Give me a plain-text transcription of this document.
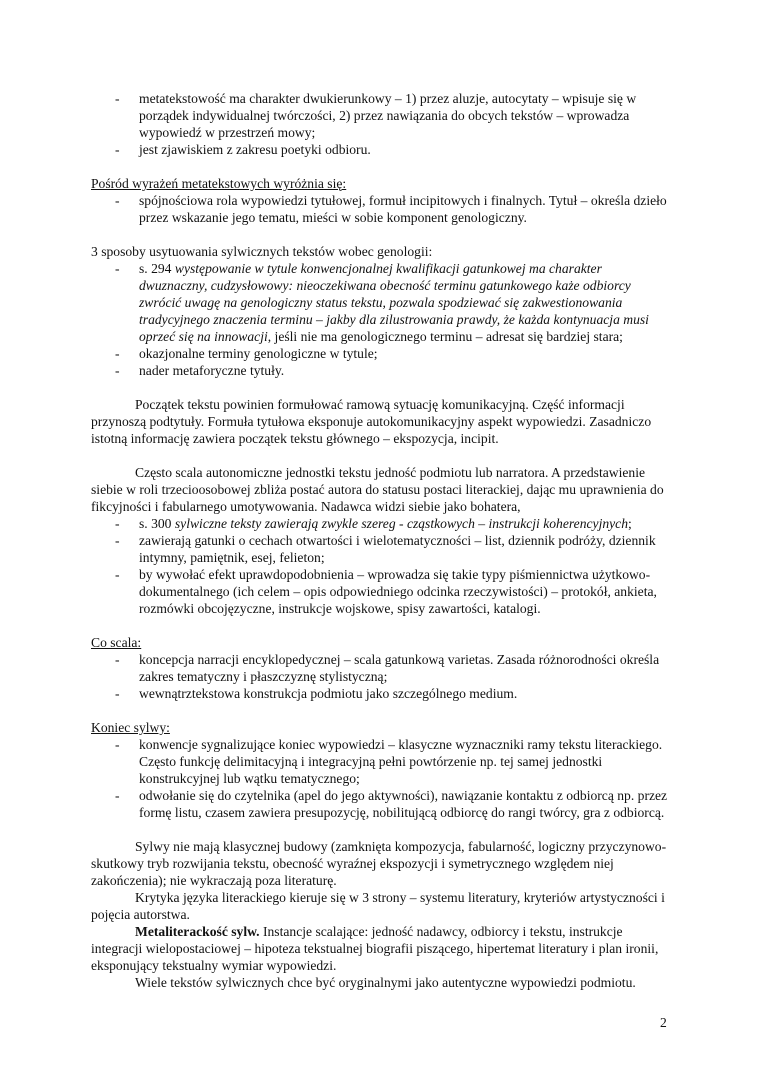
- metatekstowość ma charakter dwukierunkowy – 1) przez aluzje, autocytaty – wpisuje się w porządek indywidualnej twórczości, 2) przez nawiązania do obcych tekstów – wprowadza wypowiedź w przestrzeń mowy;
- jest zjawiskiem z zakresu poetyki odbioru.

Pośród wyrażeń metatekstowych wyróżnia się:

- spójnościowa rola wypowiedzi tytułowej, formuł incipitowych i finalnych. Tytuł – określa dzieło przez wskazanie jego tematu, mieści w sobie komponent genologiczny.

3 sposoby usytuowania sylwicznych tekstów wobec genologii:

- s. 294 występowanie w tytule konwencjonalnej kwalifikacji gatunkowej ma charakter dwuznaczny, cudzysłowowy: nieoczekiwana obecność terminu gatunkowego każe odbiorcy zwrócić uwagę na genologiczny status tekstu, pozwala spodziewać się zakwestionowania tradycyjnego znaczenia terminu – jakby dla zilustrowania prawdy, że każda kontynuacja musi oprzeć się na innowacji, jeśli nie ma genologicznego terminu – adresat się bardziej stara;
- okazjonalne terminy genologiczne w tytule;
- nader metaforyczne tytuły.

Początek tekstu powinien formułować ramową sytuację komunikacyjną. Część informacji przynoszą podtytuły. Formuła tytułowa eksponuje autokomunikacyjny aspekt wypowiedzi. Zasadniczo istotną informację zawiera początek tekstu głównego – ekspozycja, incipit.

Często scala autonomiczne jednostki tekstu jedność podmiotu lub narratora. A przedstawienie siebie w roli trzecioosobowej zbliża postać autora do statusu postaci literackiej, dając mu uprawnienia do fikcyjności i fabularnego umotywowania. Nadawca widzi siebie jako bohatera,

- s. 300 sylwiczne teksty zawierają zwykle szereg - cząstkowych – instrukcji koherencyjnych;
- zawierają gatunki o cechach otwartości i wielotematyczności – list, dziennik podróży, dziennik intymny, pamiętnik, esej, felieton;
- by wywołać efekt uprawdopodobnienia – wprowadza się takie typy piśmiennictwa użytkowo-dokumentalnego (ich celem – opis odpowiedniego odcinka rzeczywistości) – protokół, ankieta, rozmówki obcojęzyczne, instrukcje wojskowe, spisy zawartości, katalogi.

Co scala:

- koncepcja narracji encyklopedycznej – scala gatunkową varietas. Zasada różnorodności określa zakres tematyczny i płaszczyznę stylistyczną;
- wewnątrztekstowa konstrukcja podmiotu jako szczególnego medium.

Koniec sylwy:

- konwencje sygnalizujące koniec wypowiedzi – klasyczne wyznaczniki ramy tekstu literackiego. Często funkcję delimitacyjną i integracyjną pełni powtórzenie np. tej samej jednostki konstrukcyjnej lub wątku tematycznego;
- odwołanie się do czytelnika (apel do jego aktywności), nawiązanie kontaktu z odbiorcą np. przez formę listu, czasem zawiera presupozycję, nobilitującą odbiorcę do rangi twórcy, gra z odbiorcą.

Sylwy nie mają klasycznej budowy (zamknięta kompozycja, fabularność, logiczny przyczynowo-skutkowy tryb rozwijania tekstu, obecność wyraźnej ekspozycji i symetrycznego względem niej zakończenia); nie wykraczają poza literaturę.

Krytyka języka literackiego kieruje się w 3 strony – systemu literatury, kryteriów artystyczności i pojęcia autorstwa.

Metaliterackość sylw. Instancje scalające: jedność nadawcy, odbiorcy i tekstu, instrukcje integracji wielopostaciowej – hipoteza tekstualnej biografii piszącego, hipertemat literatury i plan ironii, eksponujący tekstualny wymiar wypowiedzi.

Wiele tekstów sylwicznych chce być oryginalnymi jako autentyczne wypowiedzi podmiotu.

2
